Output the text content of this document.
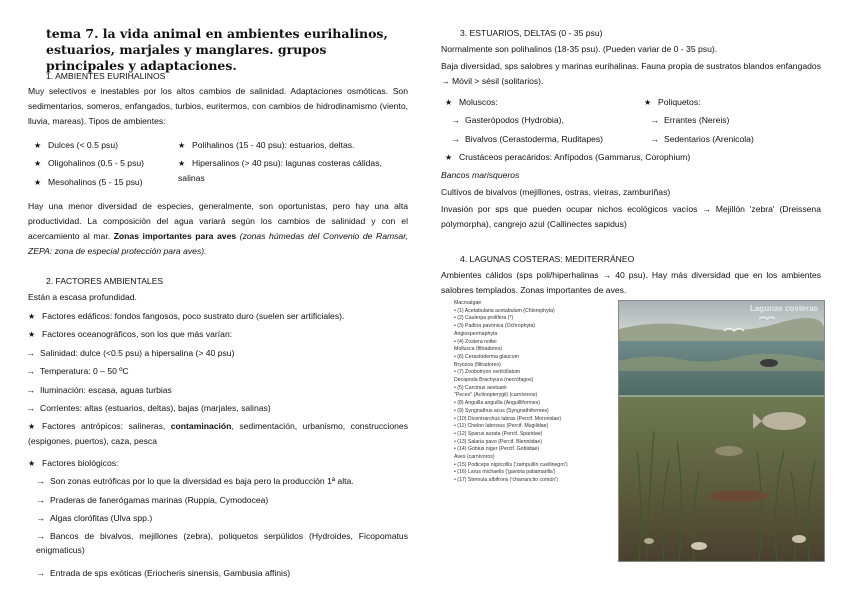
tema 7. la vida animal en ambientes eurihalinos, estuarios, marjales y manglares. grupos principales y adaptaciones.
1. AMBIENTES EURIHALINOS
Muy selectivos e inestables por los altos cambios de salinidad. Adaptaciones osmóticas. Son sedimentarios, someros, enfangados, turbios, euritermos, con cambios de hidrodinamismo (viento, lluvia, mareas). Tipos de ambientes:
★ Dulces (< 0.5 psu)
★ Oligohalinos (0.5 - 5 psu)
★ Mesohalinos (5 - 15 psu)
★ Polihalinos (15 - 40 psu): estuarios, deltas.
★ Hipersalinos (> 40 psu): lagunas costeras cálidas, salinas
Hay una menor diversidad de especies, generalmente, son oportunistas, pero hay una alta productividad. La composición del agua variará según los cambios de salinidad y con el acercamiento al mar. Zonas importantes para aves (zonas húmedas del Convenio de Ramsar, ZEPA: zona de especial protección para aves).
2. FACTORES AMBIENTALES
Están a escasa profundidad.
★ Factores edáficos: fondos fangosos, poco sustrato duro (suelen ser artificiales).
★ Factores oceanográficos, son los que más varían:
→ Salinidad: dulce (<0.5 psu) a hipersalina (> 40 psu)
→ Temperatura: 0 – 50 ºC
→ Iluminación: escasa, aguas turbias
→ Corrientes: altas (estuarios, deltas), bajas (marjales, salinas)
★ Factores antrópicos: salineras, contaminación, sedimentación, urbanismo, construcciones (espigones, puertos), caza, pesca
★ Factores biológicos:
→ Son zonas eutróficas por lo que la diversidad es baja pero la producción 1ª alta.
→ Praderas de fanerógamas marinas (Ruppia, Cymodocea)
→ Algas clorófitas (Ulva spp.)
→ Bancos de bivalvos, mejillones (zebra), poliquetos serpúlidos (Hydroides, Ficopomatus enigmaticus)
→ Entrada de sps exóticas (Eriocheris sinensis, Gambusia affinis)
3. ESTUARIOS, DELTAS (0 - 35 psu)
Normalmente son polihalinos (18-35 psu). (Pueden variar de 0 - 35 psu).
Baja diversidad, sps salobres y marinas eurihalinas. Fauna propia de sustratos blandos enfangados → Móvil > sésil (solitarios).
★ Moluscos:
→ Gasterópodos (Hydrobia),
→ Bivalvos (Cerastoderma, Ruditapes)
★ Poliquetos:
→ Errantes (Nereis)
→ Sedentarios (Arenicola)
★ Crustáceos peracáridos: Anfípodos (Gammarus, Corophium)
Bancos marisqueros
Cultivos de bivalvos (mejillones, ostras, vieiras, zamburiñas)
Invasión por sps que pueden ocupar nichos ecológicos vacíos → Mejillón 'zebra' (Dreissena polymorpha), cangrejo azul (Callinectes sapidus)
4. LAGUNAS COSTERAS: MEDITERRÁNEO
Ambientes cálidos (sps poli/hiperhalinas → 40 psu). Hay más diversidad que en los ambientes salobres templados. Zonas importantes de aves.
Macroalgae
• (1) Acetabularia acetabulum (Chlorophyta)
• (2) Caulerpa prolifera (*)
• (3) Padina pavonica (Ochrophyta)
Angiospermaphyta
• (4) Zostera noltei
Mollusca (filtradores)
• (6) Cerastoderma glaucum
Bryozoa (filtradores)
• (7) Zoobotryon verticillatum
Decapoda Brachyura (necrófagos)
• (5) Carcinus aestuarii
"Peces" (Actinopterygii) (carnívoros)
• (8) Anguilla anguilla (Anguilliformes)
• (9) Syngnathus acus (Syngnathiformes)
• (10) Dicentrarchus labrax (Percif. Moronidae)
• (11) Chelon labrosus (Percif. Mugilidae)
• (12) Sparus aurata (Percif. Sparidae)
• (13) Salaria pavo (Percif. Blenniidae)
• (14) Gobius niger (Percif. Gobiidae)
Aves (carnívoros)
• (15) Podiceps nigricollis ('zampullín cuellinegro')
• (16) Larus michaelis ('gaviota patiamarilla')
• (17) Sternula albifrons ('charrancito común')
Lagunas costeras
